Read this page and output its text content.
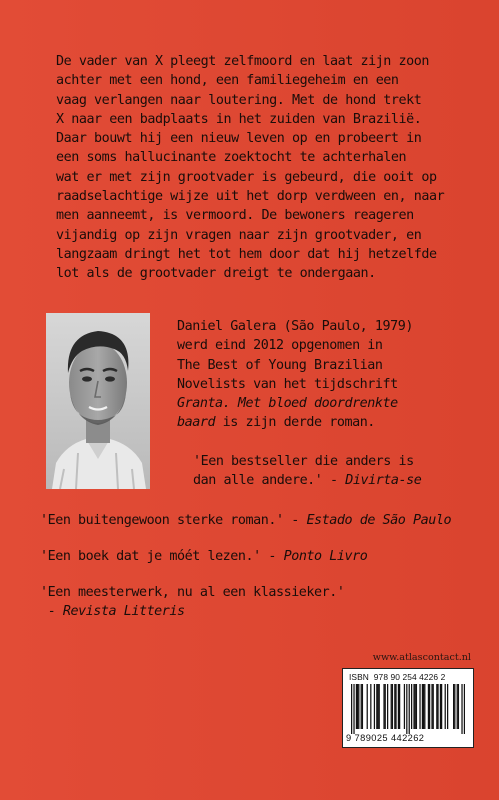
De vader van X pleegt zelfmoord en laat zijn zoon
achter met een hond, een familiegeheim en een
vaag verlangen naar loutering. Met de hond trekt
X naar een badplaats in het zuiden van Brazilië.
Daar bouwt hij een nieuw leven op en probeert in
een soms hallucinante zoektocht te achterhalen
wat er met zijn grootvader is gebeurd, die ooit op
raadselachtige wijze uit het dorp verdween en, naar
men aanneemt, is vermoord. De bewoners reageren
vijandig op zijn vragen naar zijn grootvader, en
langzaam dringt het tot hem door dat hij hetzelfde
lot als de grootvader dreigt te ondergaan.
Daniel Galera (São Paulo, 1979)
werd eind 2012 opgenomen in
The Best of Young Brazilian
Novelists van het tijdschrift
Granta. Met bloed doordrenkte
baard is zijn derde roman.
'Een bestseller die anders is
dan alle andere.' - Divirta-se
'Een buitengewoon sterke roman.' - Estado de São Paulo
'Een boek dat je móét lezen.' - Ponto Livro
'Een meesterwerk, nu al een klassieker.'
- Revista Litteris
www.atlascontact.nl
ISBN  978 90 254 4226 2
9 789025 442262
